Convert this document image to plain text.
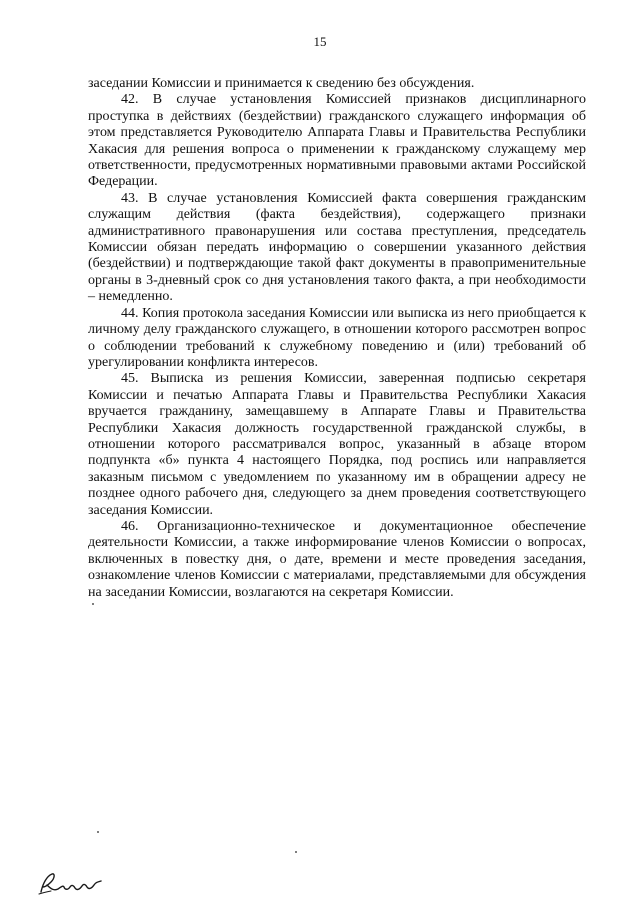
15

заседании Комиссии и принимается к сведению без обсуждения.

42. В случае установления Комиссией признаков дисциплинарного проступка в действиях (бездействии) гражданского служащего информация об этом представляется Руководителю Аппарата Главы и Правительства Республики Хакасия для решения вопроса о применении к гражданскому служащему мер ответственности, предусмотренных нормативными правовыми актами Российской Федерации.

43. В случае установления Комиссией факта совершения гражданским служащим действия (факта бездействия), содержащего признаки административного правонарушения или состава преступления, председатель Комиссии обязан передать информацию о совершении указанного действия (бездействии) и подтверждающие такой факт документы в правоприменительные органы в 3-дневный срок со дня установления такого факта, а при необходимости – немедленно.

44. Копия протокола заседания Комиссии или выписка из него приобщается к личному делу гражданского служащего, в отношении которого рассмотрен вопрос о соблюдении требований к служебному поведению и (или) требований об урегулировании конфликта интересов.

45. Выписка из решения Комиссии, заверенная подписью секретаря Комиссии и печатью Аппарата Главы и Правительства Республики Хакасия вручается гражданину, замещавшему в Аппарате Главы и Правительства Республики Хакасия должность государственной гражданской службы, в отношении которого рассматривался вопрос, указанный в абзаце втором подпункта «б» пункта 4 настоящего Порядка, под роспись или направляется заказным письмом с уведомлением по указанному им в обращении адресу не позднее одного рабочего дня, следующего за днем проведения соответствующего заседания Комиссии.

46. Организационно-техническое и документационное обеспечение деятельности Комиссии, а также информирование членов Комиссии о вопросах, включенных в повестку дня, о дате, времени и месте проведения заседания, ознакомление членов Комиссии с материалами, представляемыми для обсуждения на заседании Комиссии, возлагаются на секретаря Комиссии.
